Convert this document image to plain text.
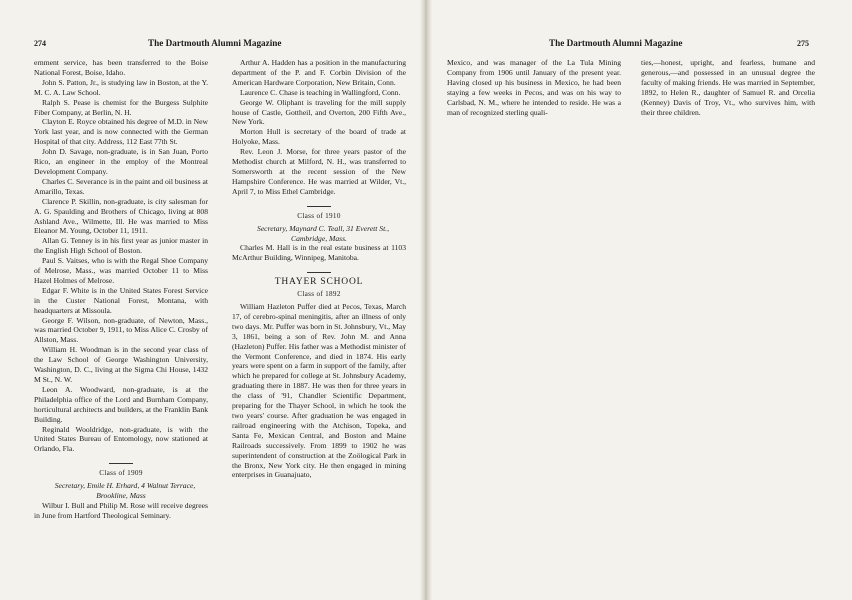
274	The Dartmouth Alumni Magazine

ernment service, has been transferred to the Boise National Forest, Boise, Idaho.

John S. Patton, Jr., is studying law in Boston, at the Y. M. C. A. Law School.

Ralph S. Pease is chemist for the Burgess Sulphite Fiber Company, at Berlin, N. H.

Clayton E. Royce obtained his degree of M.D. in New York last year, and is now connected with the German Hospital of that city. Address, 112 East 77th St.

John D. Savage, non-graduate, is in San Juan, Porto Rico, an engineer in the employ of the Montreal Development Company.

Charles C. Severance is in the paint and oil business at Amarillo, Texas.

Clarence P. Skillin, non-graduate, is city salesman for A. G. Spaulding and Brothers of Chicago, living at 808 Ashland Ave., Wilmette, Ill. He was married to Miss Eleanor M. Young, October 11, 1911.

Allan G. Tenney is in his first year as junior master in the English High School of Boston.

Paul S. Vaitses, who is with the Regal Shoe Company of Melrose, Mass., was married October 11 to Miss Hazel Holmes of Melrose.

Edgar F. White is in the United States Forest Service in the Custer National Forest, Montana, with headquarters at Missoula.

George F. Wilson, non-graduate, of Newton, Mass., was married October 9, 1911, to Miss Alice C. Crosby of Allston, Mass.

William H. Woodman is in the second year class of the Law School of George Washington University, Washington, D. C., living at the Sigma Chi House, 1432 M St., N. W.

Leon A. Woodward, non-graduate, is at the Philadelphia office of the Lord and Burnham Company, horticultural architects and builders, at the Franklin Bank Building.

Reginald Wooldridge, non-graduate, is with the United States Bureau of Entomology, now stationed at Orlando, Fla.

Class of 1909

Secretary, Emile H. Erhard, 4 Walnut Terrace, Brookline, Mass

Wilbur I. Bull and Philip M. Rose will receive degrees in June from Hartford Theological Seminary.

Arthur A. Hadden has a position in the manufacturing department of the P. and F. Corbin Division of the American Hardware Corporation, New Britain, Conn.

Laurence C. Chase is teaching in Wallingford, Conn.

George W. Oliphant is traveling for the mill supply house of Castle, Gottheil, and Overton, 200 Fifth Ave., New York.

Morton Hull is secretary of the board of trade at Holyoke, Mass.

Rev. Leon J. Morse, for three years pastor of the Methodist church at Milford, N. H., was transferred to Somersworth at the recent session of the New Hampshire Conference. He was married at Wilder, Vt., April 7, to Miss Ethel Cambridge.

Class of 1910

Secretary, Maynard C. Teall, 31 Everett St., Cambridge, Mass.

Charles M. Hall is in the real estate business at 1103 McArthur Building, Winnipeg, Manitoba.

THAYER SCHOOL
Class of 1892

William Hazleton Puffer died at Pecos, Texas, March 17, of cerebro-spinal meningitis, after an illness of only two days. Mr. Puffer was born in St. Johnsbury, Vt., May 3, 1861, being a son of Rev. John M. and Anna (Hazleton) Puffer. His father was a Methodist minister of the Vermont Conference, and died in 1874. His early years were spent on a farm in support of the family, after which he prepared for college at St. Johnsbury Academy, graduating there in 1887. He was then for three years in the class of '91, Chandler Scientific Department, preparing for the Thayer School, in which he took the two years' course. After graduation he was engaged in railroad engineering with the Atchison, Topeka, and Santa Fe, Mexican Central, and Boston and Maine Railroads successively. From 1899 to 1902 he was superintendent of construction at the Zoölogical Park in the Bronx, New York city. He then engaged in mining enterprises in Guanajuato,

The Dartmouth Alumni Magazine	275

Mexico, and was manager of the La Tula Mining Company from 1906 until January of the present year. Having closed up his business in Mexico, he had been staying a few weeks in Pecos, and was on his way to Carlsbad, N. M., where he intended to reside. He was a man of recognized sterling quali-

ties,—honest, upright, and fearless, humane and generous,—and possessed in an unusual degree the faculty of making friends. He was married in September, 1892, to Helen R., daughter of Samuel R. and Orcelia (Kenney) Davis of Troy, Vt., who survives him, with their three children.
